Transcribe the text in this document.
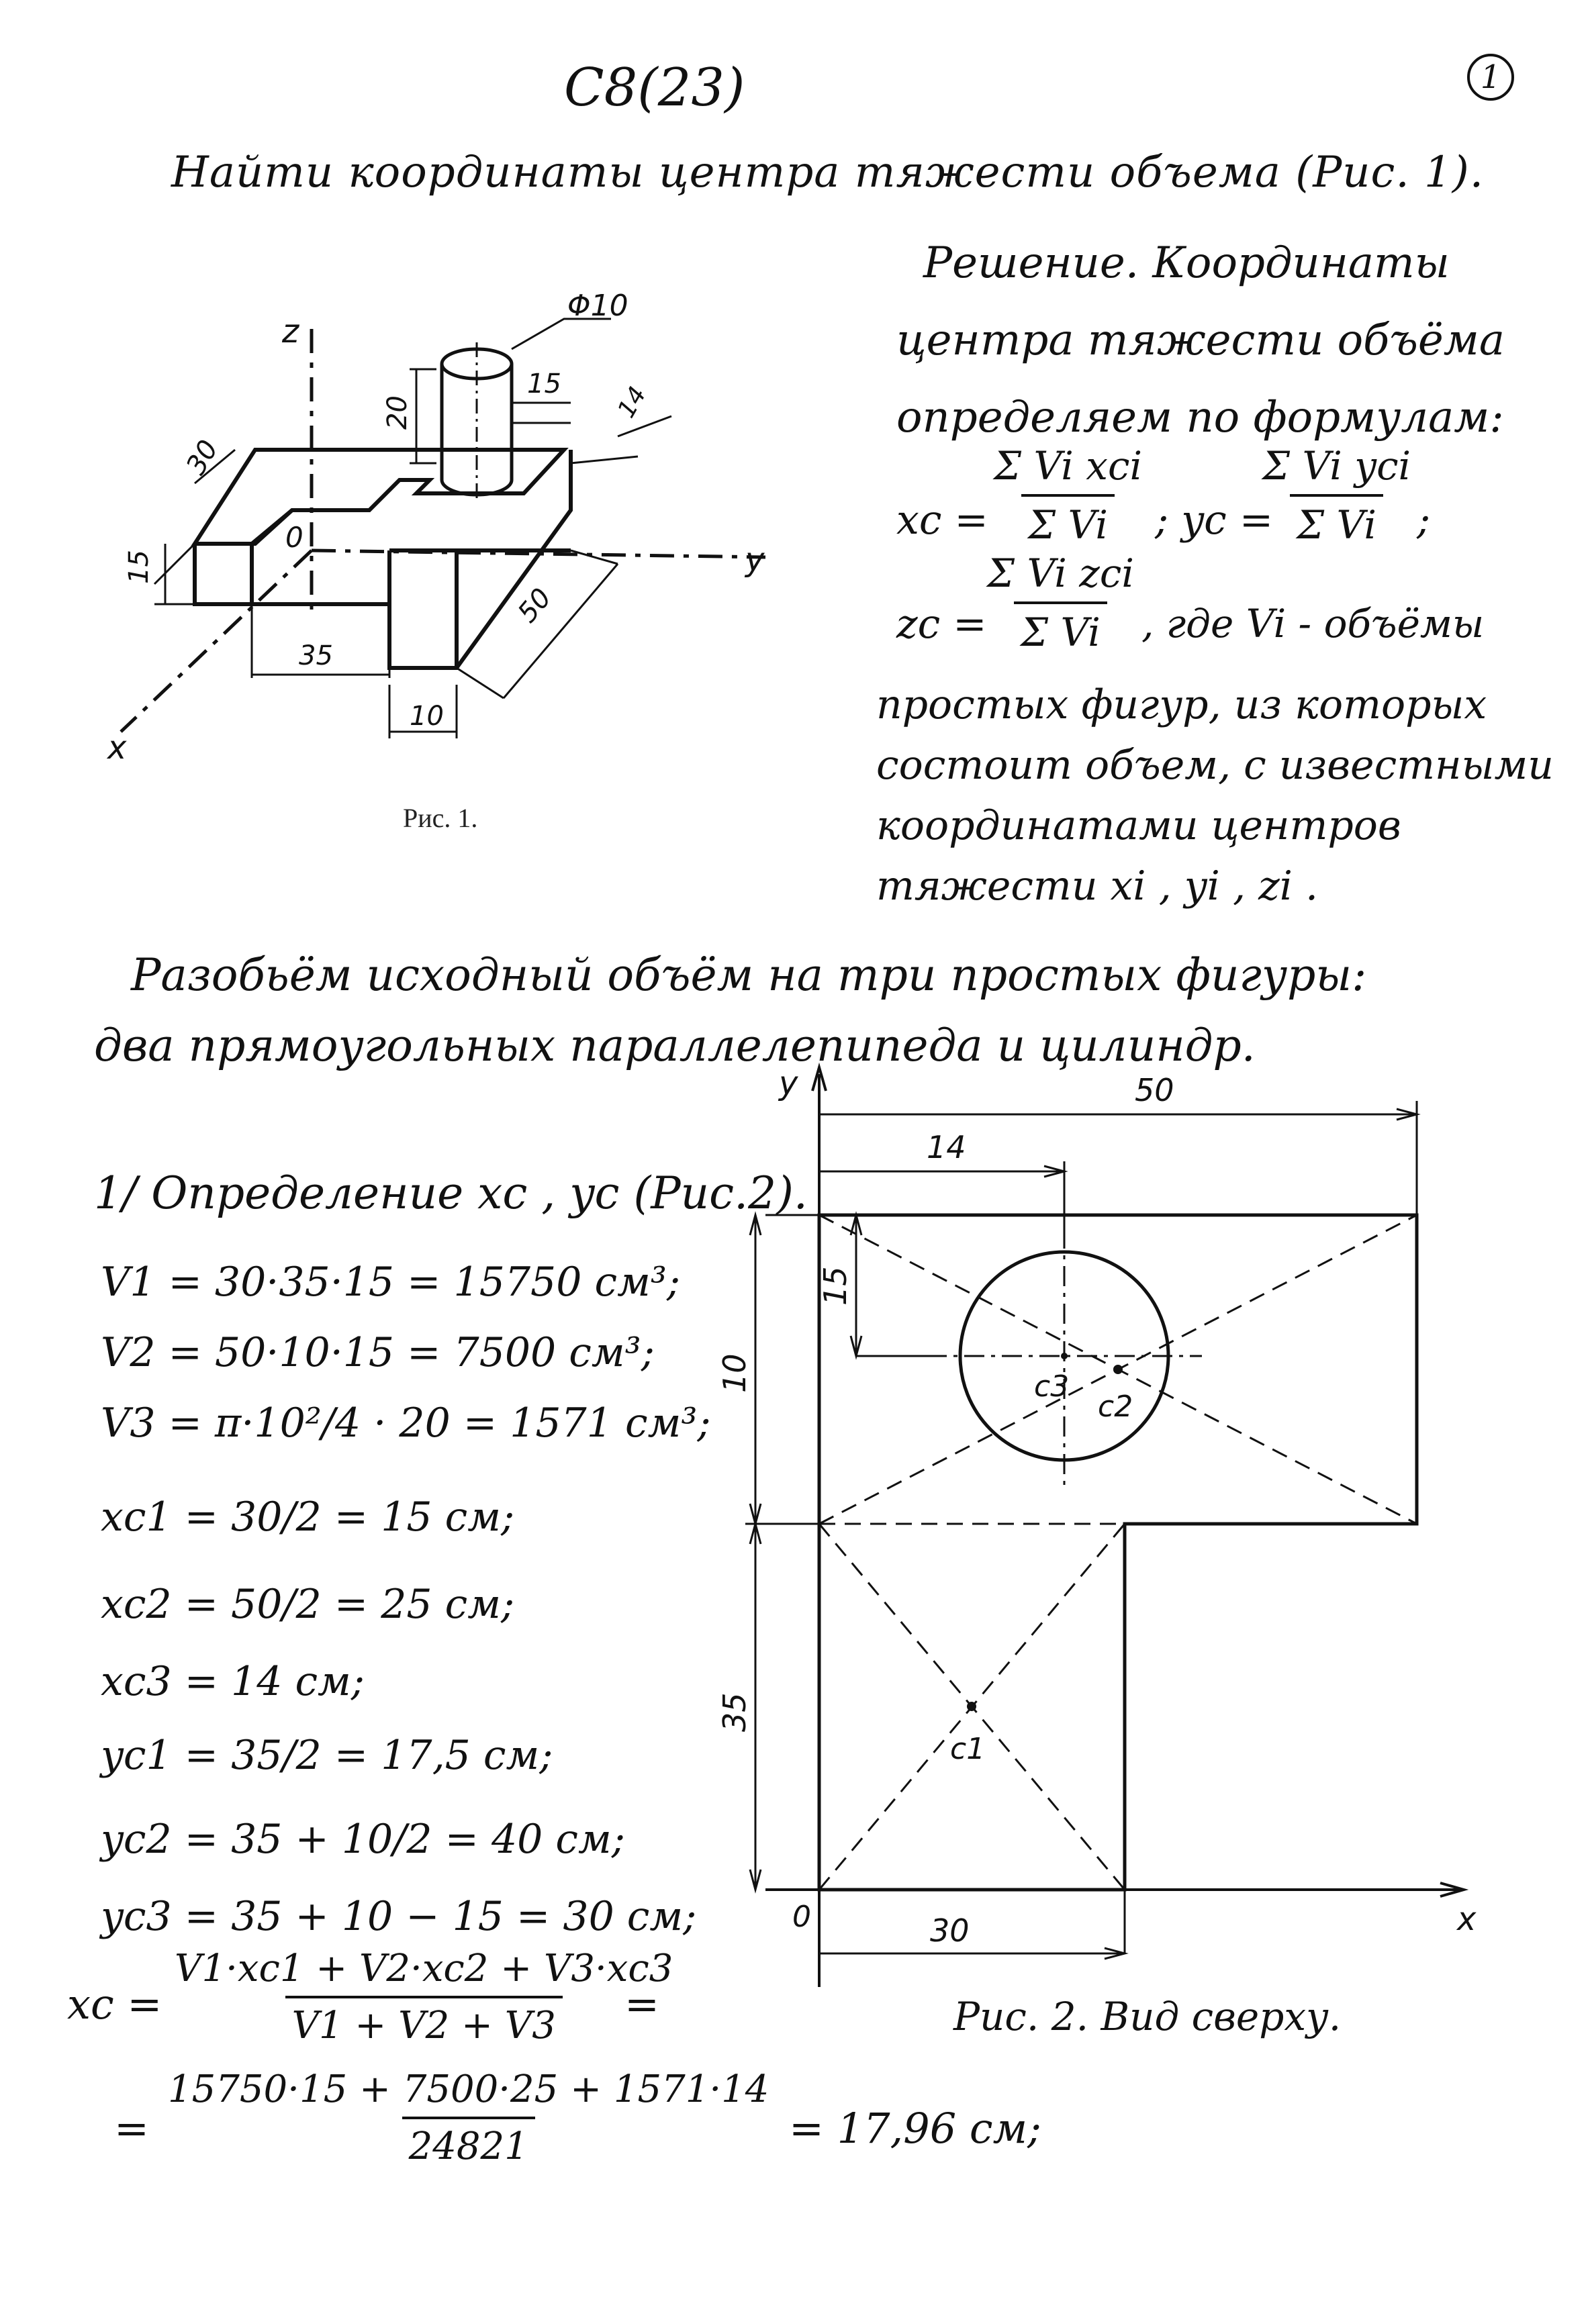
С8(23)	1
Найти координаты центра тяжести объема (Рис. 1).
z
y
x
0
30
15
35
10
50
20
15 14
Φ10
Рис. 1.
Решение. Координаты
центра тяжести объёма
определяем по формулам:
xc =
Σ Vi xci
Σ Vi ; yc =
Σ Vi yci
Σ Vi ;
zc =
Σ Vi zci
Σ Vi , где Vi - объёмы
простых фигур, из которых
состоит объем, с известными
координатами центров
тяжести xi , yi , zi .
Разобьём исходный объём на три простых фигуры:
два прямоугольных параллелепипеда и цилиндр.
1/ Определение xc , yc (Рис.2).
V1 = 30·35·15 = 15750 см³;
V2 = 50·10·15 = 7500 см³;
V3 = π·10²/4 · 20 = 1571 см³;
xc1 = 30/2 = 15 см;
xc2 = 50/2 = 25 см;
xc3 = 14 см;
yc1 = 35/2 = 17,5 см;
yc2 = 35 + 10/2 = 40 см;
yc3 = 35 + 10 − 15 = 30 см;
xc = $\frac{V1\cdot xc1 + V2\cdot xc2 + V3\cdot xc3}{V1 + V2 + V3}$
=
= $\frac{15750\cdot 15 + 7500\cdot 25 + 1571\cdot 14}{24821} = 17,96$ см;
y
x
0
50
14
15
10
35
30
c1
c2
c3
Рис. 2. Вид сверху.
